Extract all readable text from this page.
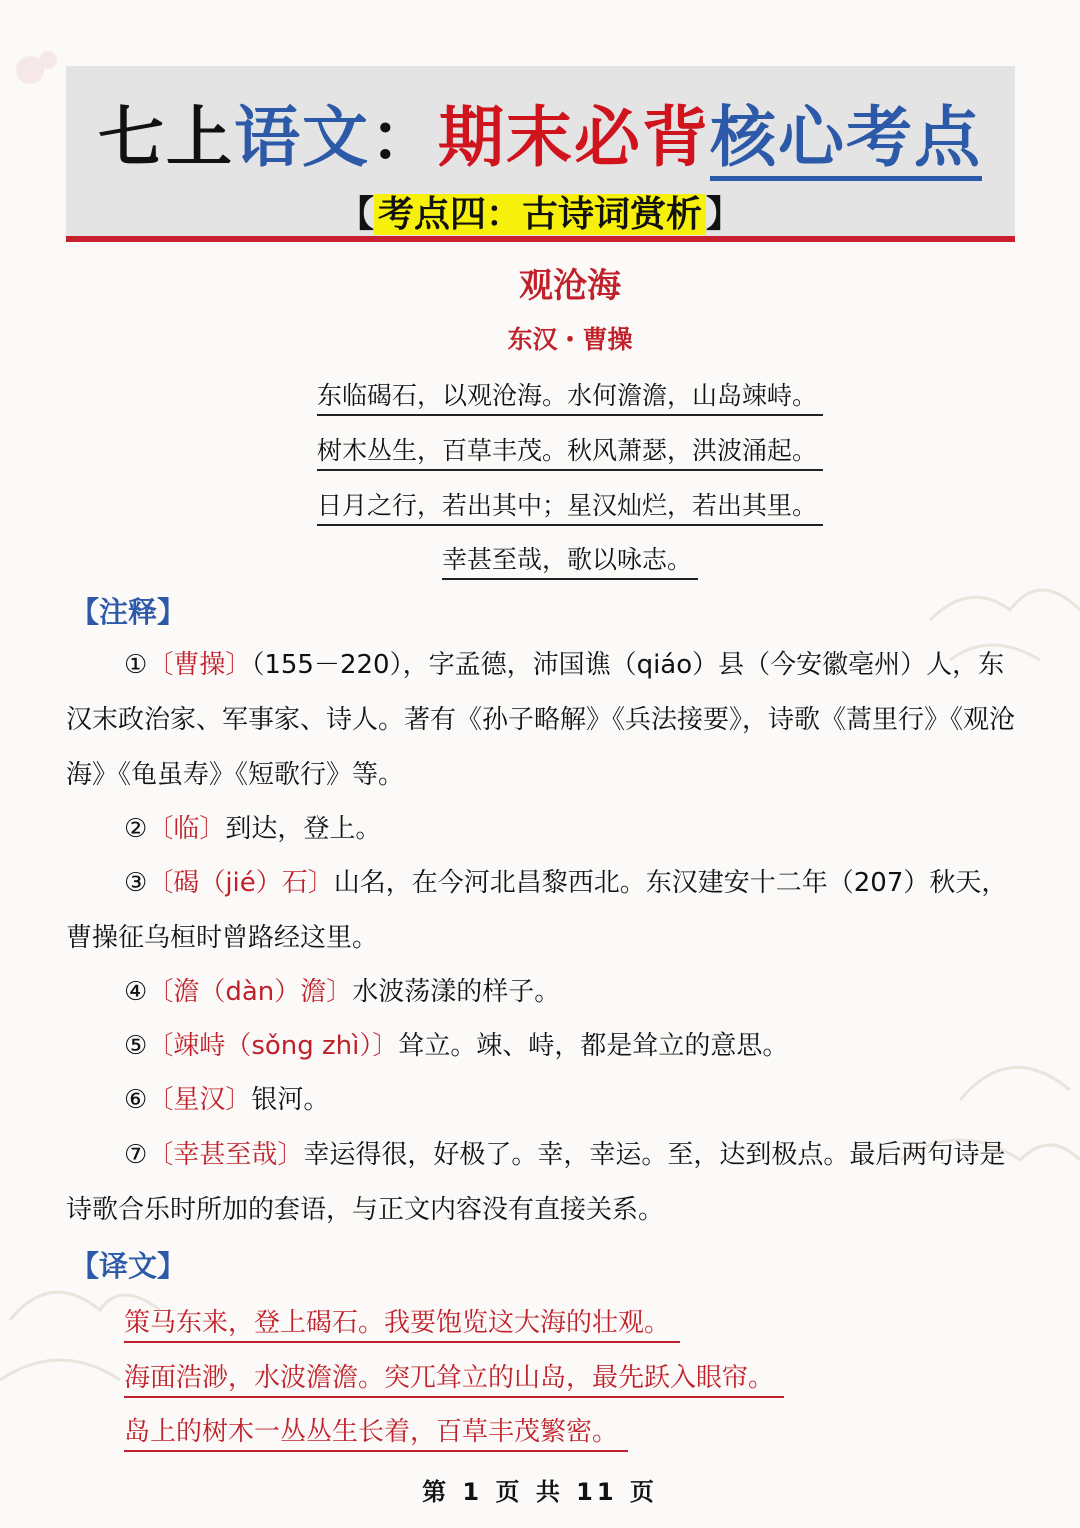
七上语文：期末必背核心考点
【 考点四：古诗词赏析 】
观沧海
东汉・曹操
东临碣石，以观沧海。水何澹澹，山岛竦峙。
树木丛生，百草丰茂。秋风萧瑟，洪波涌起。
日月之行，若出其中；星汉灿烂，若出其里。
幸甚至哉，歌以咏志。
【注释】
①〔曹操〕（155－220），字孟德，沛国谯（qiáo）县（今安徽亳州）人，东汉末政治家、军事家、诗人。著有《孙子略解》《兵法接要》，诗歌《蒿里行》《观沧海》《龟虽寿》《短歌行》等。
②〔临〕到达，登上。
③〔碣（jié）石〕山名，在今河北昌黎西北。东汉建安十二年（207）秋天，曹操征乌桓时曾路经这里。
④〔澹（dàn）澹〕水波荡漾的样子。
⑤〔竦峙（sǒng zhì）〕耸立。竦、峙，都是耸立的意思。
⑥〔星汉〕银河。
⑦〔幸甚至哉〕幸运得很，好极了。幸，幸运。至，达到极点。最后两句诗是诗歌合乐时所加的套语，与正文内容没有直接关系。
【译文】
策马东来，登上碣石。我要饱览这大海的壮观。
海面浩渺，水波澹澹。突兀耸立的山岛，最先跃入眼帘。
岛上的树木一丛丛生长着，百草丰茂繁密。
第 1 页 共 11 页
